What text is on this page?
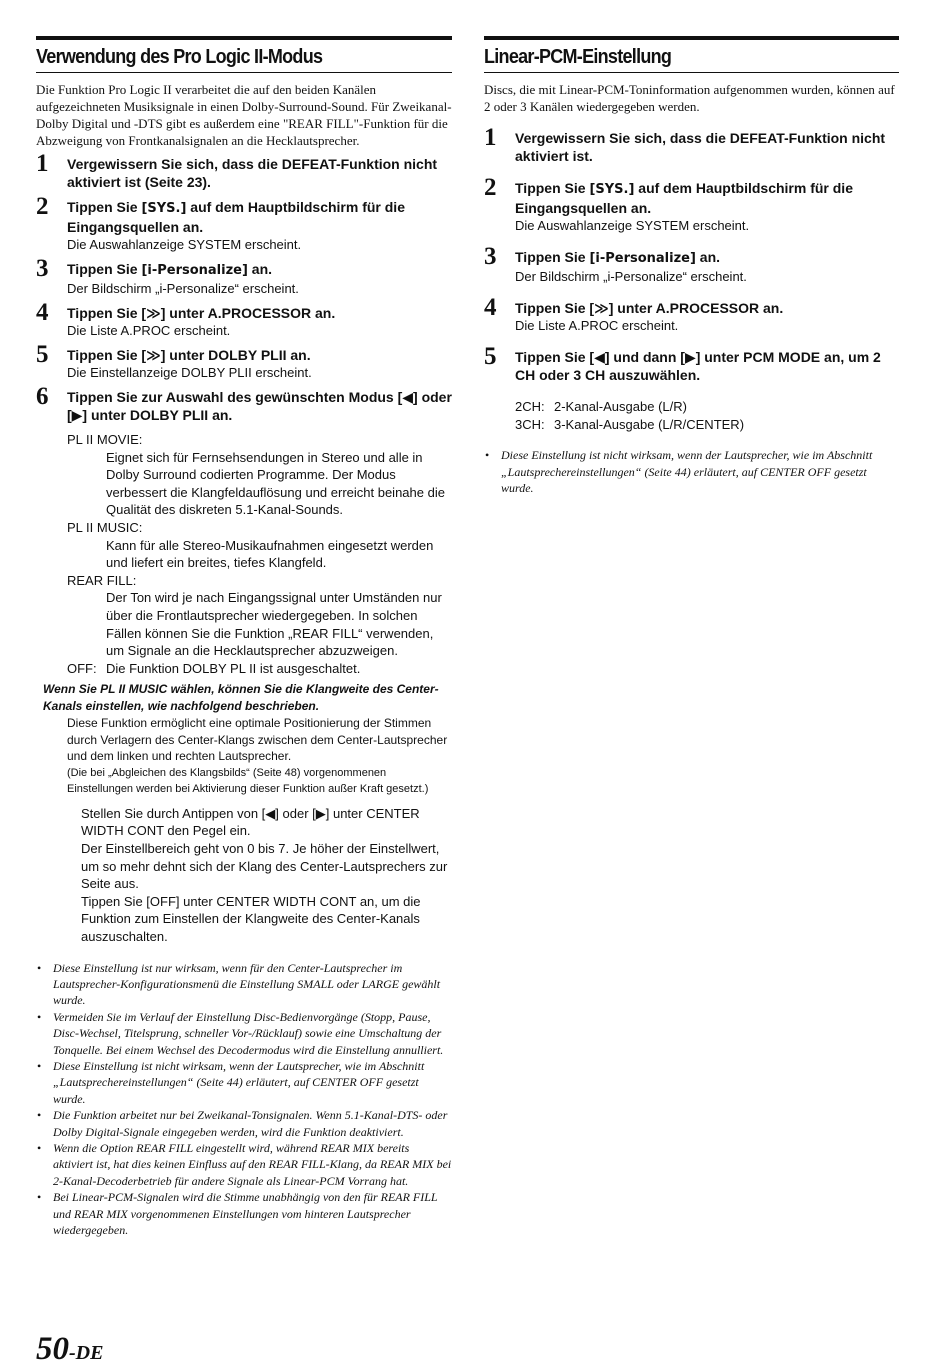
Verwendung des Pro Logic II-Modus

Die Funktion Pro Logic II verarbeitet die auf den beiden Kanälen aufgezeichneten Musiksignale in einen Dolby-Surround-Sound. Für Zweikanal-Dolby Digital und -DTS gibt es außerdem eine "REAR FILL"-Funktion für die Abzweigung von Frontkanalsignalen an die Hecklautsprecher.

1 Vergewissern Sie sich, dass die DEFEAT-Funktion nicht aktiviert ist (Seite 23).
2 Tippen Sie [SYS.] auf dem Hauptbildschirm für die Eingangsquellen an.
Die Auswahlanzeige SYSTEM erscheint.
3 Tippen Sie [i-Personalize] an.
Der Bildschirm „i-Personalize“ erscheint.
4 Tippen Sie [≫] unter A.PROCESSOR an.
Die Liste A.PROC erscheint.
5 Tippen Sie [≫] unter DOLBY PLII an.
Die Einstellanzeige DOLBY PLII erscheint.
6 Tippen Sie zur Auswahl des gewünschten Modus [◀] oder [▶] unter DOLBY PLII an.
PL II MOVIE:
Eignet sich für Fernsehsendungen in Stereo und alle in Dolby Surround codierten Programme. Der Modus verbessert die Klangfeldauflösung und erreicht beinahe die Qualität des diskreten 5.1-Kanal-Sounds.
PL II MUSIC:
Kann für alle Stereo-Musikaufnahmen eingesetzt werden und liefert ein breites, tiefes Klangfeld.
REAR FILL:
Der Ton wird je nach Eingangssignal unter Umständen nur über die Frontlautsprecher wiedergegeben. In solchen Fällen können Sie die Funktion „REAR FILL“ verwenden, um Signale an die Hecklautsprecher abzuzweigen.
OFF: Die Funktion DOLBY PL II ist ausgeschaltet.
Wenn Sie PL II MUSIC wählen, können Sie die Klangweite des Center-Kanals einstellen, wie nachfolgend beschrieben.
Diese Funktion ermöglicht eine optimale Positionierung der Stimmen durch Verlagern des Center-Klangs zwischen dem Center-Lautsprecher und dem linken und rechten Lautsprecher.
(Die bei „Abgleichen des Klangsbilds“ (Seite 48) vorgenommenen Einstellungen werden bei Aktivierung dieser Funktion außer Kraft gesetzt.)
Stellen Sie durch Antippen von [◀] oder [▶] unter CENTER WIDTH CONT den Pegel ein.
Der Einstellbereich geht von 0 bis 7. Je höher der Einstellwert, um so mehr dehnt sich der Klang des Center-Lautsprechers zur Seite aus.
Tippen Sie [OFF] unter CENTER WIDTH CONT an, um die Funktion zum Einstellen der Klangweite des Center-Kanals auszuschalten.
• Diese Einstellung ist nur wirksam, wenn für den Center-Lautsprecher im Lautsprecher-Konfigurationsmenü die Einstellung SMALL oder LARGE gewählt wurde.
• Vermeiden Sie im Verlauf der Einstellung Disc-Bedienvorgänge (Stopp, Pause, Disc-Wechsel, Titelsprung, schneller Vor-/Rücklauf) sowie eine Umschaltung der Tonquelle. Bei einem Wechsel des Decodermodus wird die Einstellung annulliert.
• Diese Einstellung ist nicht wirksam, wenn der Lautsprecher, wie im Abschnitt „Lautsprechereinstellungen“ (Seite 44) erläutert, auf CENTER OFF gesetzt wurde.
• Die Funktion arbeitet nur bei Zweikanal-Tonsignalen. Wenn 5.1-Kanal-DTS- oder Dolby Digital-Signale eingegeben werden, wird die Funktion deaktiviert.
• Wenn die Option REAR FILL eingestellt wird, während REAR MIX bereits aktiviert ist, hat dies keinen Einfluss auf den REAR FILL-Klang, da REAR MIX bei 2-Kanal-Decoderbetrieb für andere Signale als Linear-PCM Vorrang hat.
• Bei Linear-PCM-Signalen wird die Stimme unabhängig von den für REAR FILL und REAR MIX vorgenommenen Einstellungen vom hinteren Lautsprecher wiedergegeben.
Linear-PCM-Einstellung

Discs, die mit Linear-PCM-Toninformation aufgenommen wurden, können auf 2 oder 3 Kanälen wiedergegeben werden.

1 Vergewissern Sie sich, dass die DEFEAT-Funktion nicht aktiviert ist.
2 Tippen Sie [SYS.] auf dem Hauptbildschirm für die Eingangsquellen an.
Die Auswahlanzeige SYSTEM erscheint.
3 Tippen Sie [i-Personalize] an.
Der Bildschirm „i-Personalize“ erscheint.
4 Tippen Sie [≫] unter A.PROCESSOR an.
Die Liste A.PROC erscheint.
5 Tippen Sie [◀] und dann [▶] unter PCM MODE an, um 2 CH oder 3 CH auszuwählen.
2CH: 2-Kanal-Ausgabe (L/R)
3CH: 3-Kanal-Ausgabe (L/R/CENTER)
• Diese Einstellung ist nicht wirksam, wenn der Lautsprecher, wie im Abschnitt „Lautsprechereinstellungen“ (Seite 44) erläutert, auf CENTER OFF gesetzt wurde.
50-DE
